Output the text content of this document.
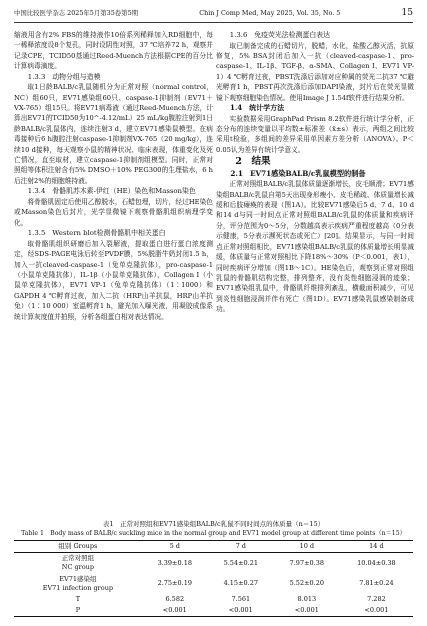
中国比较医学杂志 2025年5月第35卷第5期	Chin J Comp Med, May 2025, Vol. 35, No. 5	15

缩液用含有2% FBS的维持液作10倍系列稀释加入RD细胞中，每一稀释浓度设8个复孔，同时设阴性对照，37 ℃培养72 h，观察并记录CPE，TCID50基通过Reed-Muench方法根据CPE的百分比计算病毒滴度。

1.3.3　动物分组与造模

取1日龄BALB/c乳鼠随机分为正常对照（normal control，NC）组60只，EV71感染组60只、caspase-1抑制剂（EV71＋VX-765）组15只。将EV71病毒液（通过Reed-Muench方法，计算出EV71的TCID50为10^-4.12/mL）25 mL/kg腹腔注射到1日龄BALB/c乳鼠体内，连续注射3 d，建立EV71感染鼠模型。在病毒接种后6 h腹腔注射caspase-1抑制剂VX-765（20 mg/kg），连续10 d接种，每天观察小鼠的精神状况、临床表现，体重变化及死亡情况，直至取材，建立caspase-1抑制剂组模型。同时，正常对照组等体积注射含有5% DMSO＋10% PEG300的生理盐水，6 h后注射2%的细胞维持液。

1.3.4　骨骼肌苏木素-伊红（HE）染色和Masson染色

将骨骼肌固定后使用乙醇脱水，石蜡包埋，切片，经过HE染色或Masson染色后封片，光学显微镜下观察骨骼肌组织病理学变化。

1.3.5　Western blot检测骨骼肌中相关蛋白

取骨骼肌组织研磨后加入裂解液，提取蛋白进行蛋白浓度测定，经SDS-PAGE电泳后转至PVDF膜，5%脱脂牛奶封闭1.5 h，加入一抗cleaved-caspase-1（兔单克隆抗体），pro-caspase-1（小鼠单克隆抗体），IL-1β（小鼠单克隆抗体），Collagen Ⅰ（小鼠单克隆抗体），EV71 VP-1（兔单克隆抗体）（1∶1000）和GAPDH 4 ℃孵育过夜，加入二抗（HRP山羊抗鼠，HRP山羊抗兔）（1∶10 000）室温孵育1 h，避光加入曝光液，用凝胶成像系统计算灰度值并拍照，分析各组蛋白相对表达情况。

1.3.6　免疫荧光法检测蛋白表达

取已制备完成的石蜡切片，脱蜡，水化，盐酸乙醇灭活，抗原修复，5% BSA封闭后加入一抗（cleaved-caspase-1、pro-caspase-1、IL-1β、TGF-β、α-SMA、Collagen Ⅰ、EV71 VP-1）4 ℃孵育过夜，PBST洗涤后添加对应种属的荧光二抗37 ℃避光孵育1 h，PBST再次洗涤后添加DAPI染液，封片后在荧光显微镜下观察细胞染色情况。使用Image J 1.54f软件进行结果分析。

1.4　统计学方法

实验数据采用GraphPad Prism 8.2软件进行统计学分析，正态分布的连续变量以平均数±标准差（x̄±s）表示，两组之间比较采用t检验，多组间的差异采用单因素方差分析（ANOVA）。P＜0.05认为差异有统计学意义。

2　结果

2.1　EV71感染BALB/c乳鼠模型的制备

正常对照组BALB/c乳鼠体质量逐渐增长，皮毛顺滑；EV71感染组BALB/c乳鼠自第5天出现身形瘦小、皮毛稀疏、体质量增长减缓和后肢瘫痪的表现（图1A）。比较EV71感染后5 d、7 d、10 d和14 d与同一时间点正常对照组BALB/c乳鼠的体质量和疾病评分，评分范围为0～5分，分数越高表示疾病严重程度越高（0分表示健康，5分表示濒死状态或死亡）[20]。结果显示，与同一时间点正常对照组相比，EV71感染组BALB/c乳鼠的体质量增长明显减缓，体质量与正常对照相比下降18%～30%（P＜0.001，表1），同时疾病评分增加（图1B～1C）。HE染色后，观察到正常对照组乳鼠的骨骼肌结构完整，排列整齐，没有炎性细胞浸润的迹象；EV71感染组乳鼠中，骨骼肌纤维排列紊乱，横截面积减少，可见到炎性细胞浸润并伴有死亡（图1D）。EV71感染乳鼠感染制备成功。

表1　正常对照组和EV71感染组BALB/c乳鼠不同时间点的体质量（n＝15）
Table 1　Body mass of BALB/c suckling mice in the normal group and EV71 model group at different time points（n＝15）
组别 Groups	5 d	7 d	10 d	14 d
正常对照组
NC group	3.39±0.18	5.54±0.21	7.97±0.38	10.04±0.38
EV71感染组
EV71 infection group	2.75±0.19	4.15±0.27	5.52±0.20	7.81±0.24
T	6.582	7.561	8.013	7.282
P	<0.001	<0.001	<0.001	<0.001
